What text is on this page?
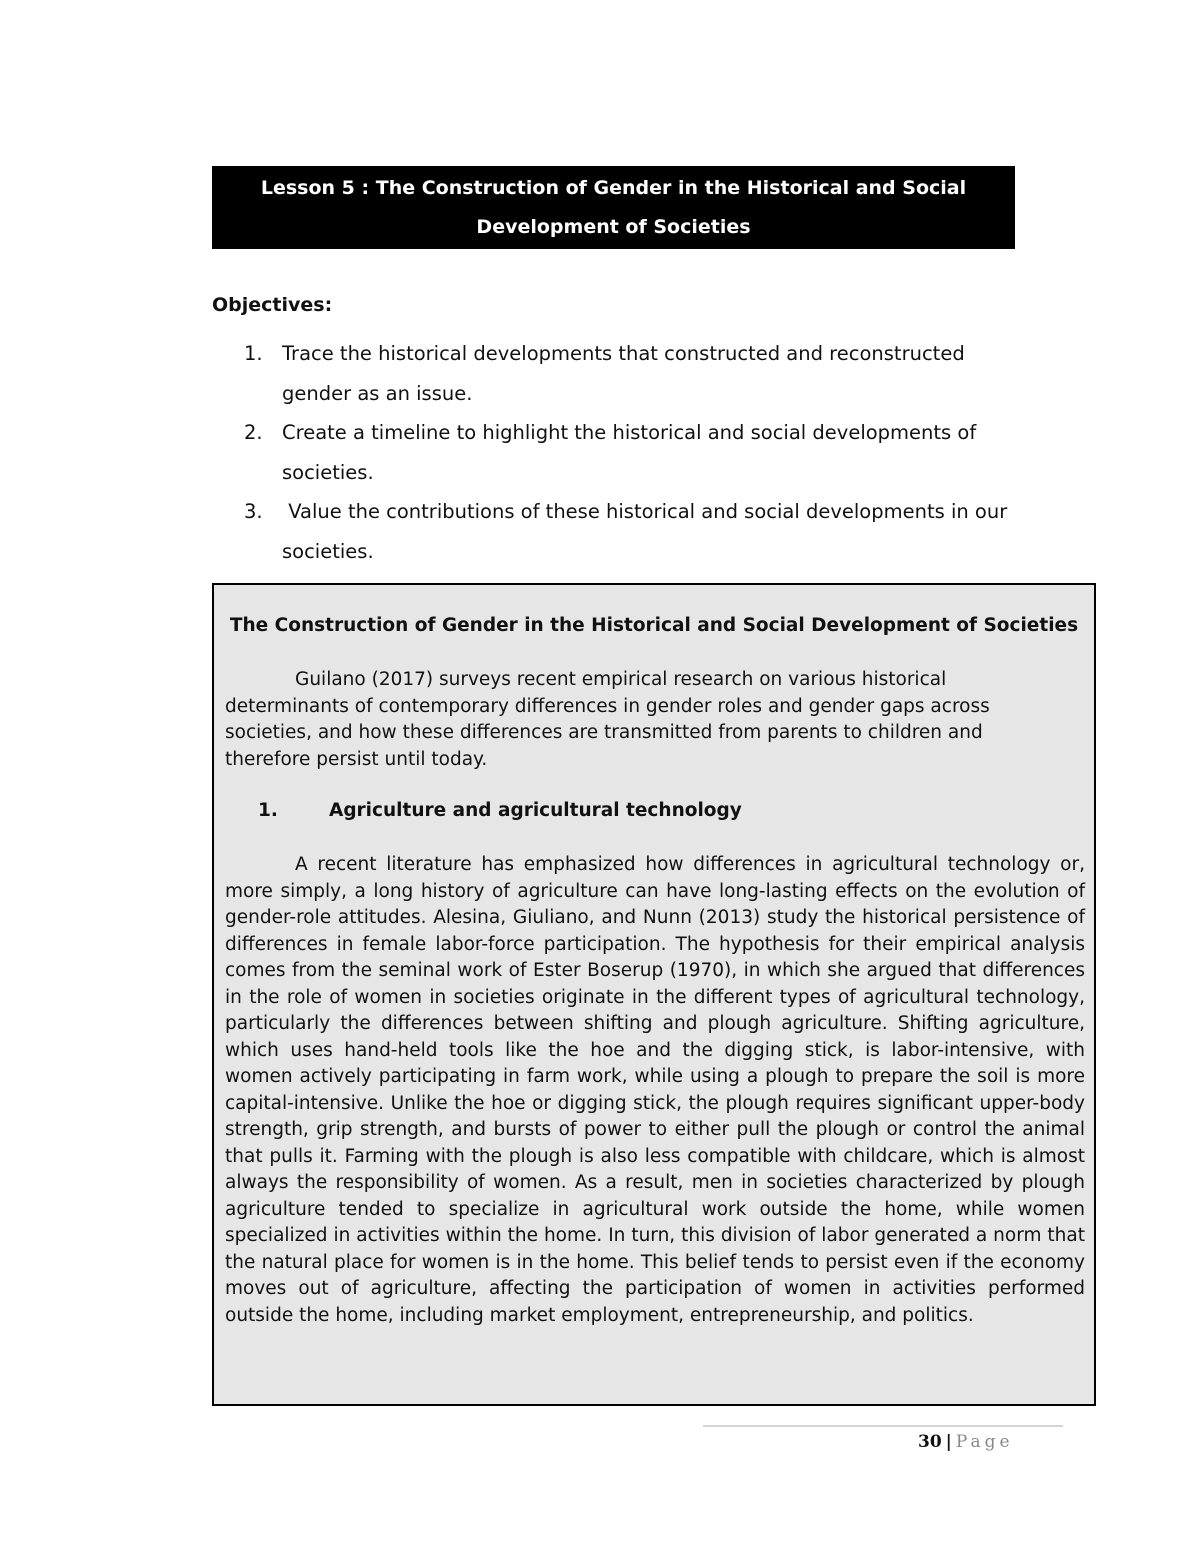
Lesson 5 : The Construction of Gender in the Historical and Social
Development of Societies
Objectives:
1. Trace the historical developments that constructed and reconstructed
gender as an issue.
2. Create a timeline to highlight the historical and social developments of
societies.
3. Value the contributions of these historical and social developments in our
societies.
The Construction of Gender in the Historical and Social Development of Societies

Guilano (2017) surveys recent empirical research on various historical determinants of contemporary differences in gender roles and gender gaps across societies, and how these differences are transmitted from parents to children and therefore persist until today.

1.	Agriculture and agricultural technology

A recent literature has emphasized how differences in agricultural technology or, more simply, a long history of agriculture can have long-lasting effects on the evolution of gender-role attitudes. Alesina, Giuliano, and Nunn (2013) study the historical persistence of differences in female labor-force participation. The hypothesis for their empirical analysis comes from the seminal work of Ester Boserup (1970), in which she argued that differences in the role of women in societies originate in the different types of agricultural technology, particularly the differences between shifting and plough agriculture. Shifting agriculture, which uses hand-held tools like the hoe and the digging stick, is labor-intensive, with women actively participating in farm work, while using a plough to prepare the soil is more capital-intensive. Unlike the hoe or digging stick, the plough requires significant upper-body strength, grip strength, and bursts of power to either pull the plough or control the animal that pulls it. Farming with the plough is also less compatible with childcare, which is almost always the responsibility of women. As a result, men in societies characterized by plough agriculture tended to specialize in agricultural work outside the home, while women specialized in activities within the home. In turn, this division of labor generated a norm that the natural place for women is in the home. This belief tends to persist even if the economy moves out of agriculture, affecting the participation of women in activities performed outside the home, including market employment, entrepreneurship, and politics.

30 | Page
